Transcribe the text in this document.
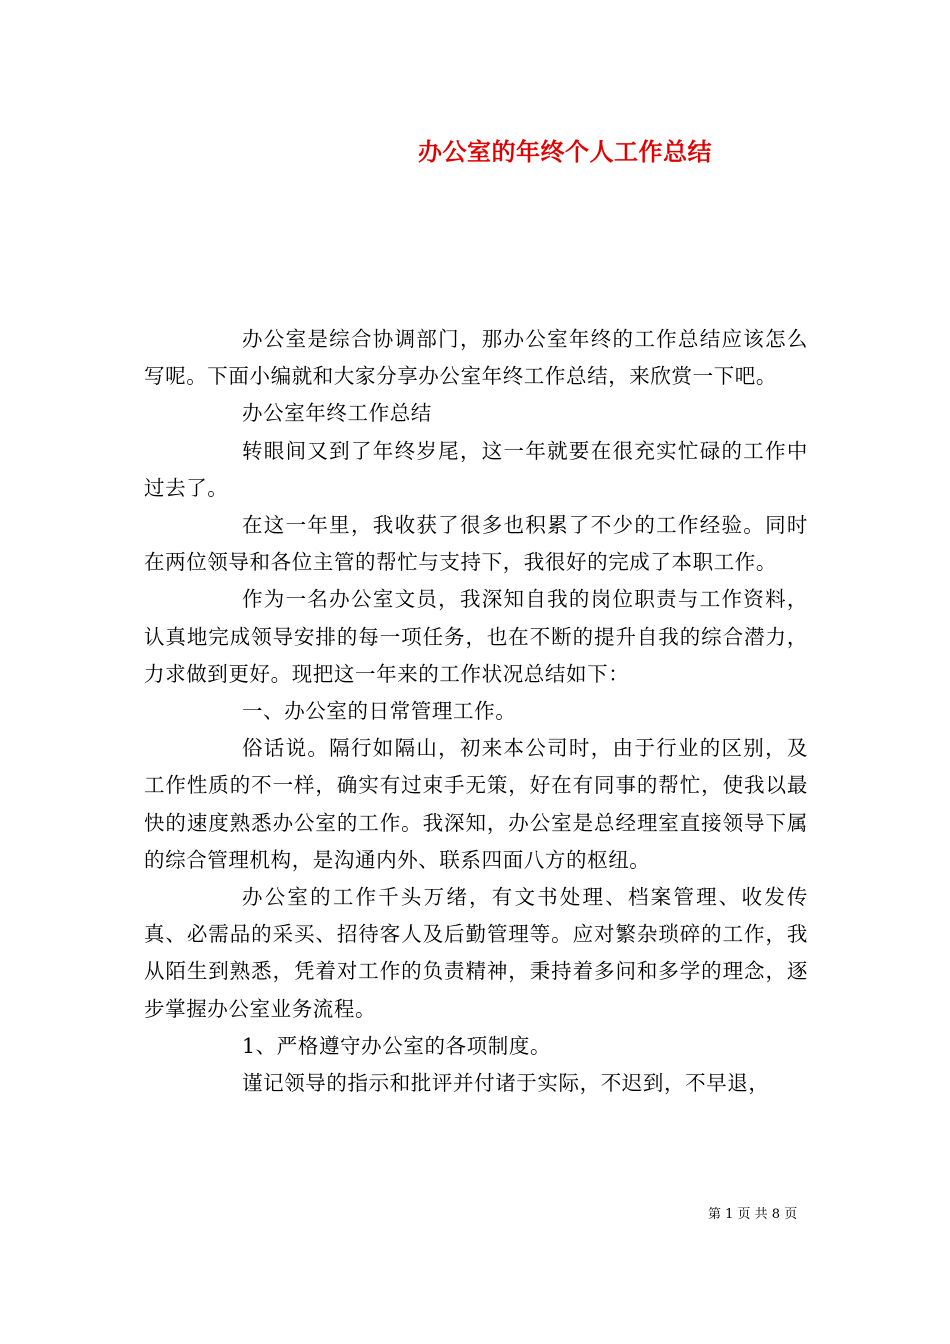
办公室的年终个人工作总结

办公室是综合协调部门，那办公室年终的工作总结应该怎么写呢。下面小编就和大家分享办公室年终工作总结，来欣赏一下吧。

办公室年终工作总结

转眼间又到了年终岁尾，这一年就要在很充实忙碌的工作中过去了。

在这一年里，我收获了很多也积累了不少的工作经验。同时在两位领导和各位主管的帮忙与支持下，我很好的完成了本职工作。

作为一名办公室文员，我深知自我的岗位职责与工作资料，认真地完成领导安排的每一项任务，也在不断的提升自我的综合潜力，力求做到更好。现把这一年来的工作状况总结如下：

一、办公室的日常管理工作。

俗话说。隔行如隔山，初来本公司时，由于行业的区别，及工作性质的不一样，确实有过束手无策，好在有同事的帮忙，使我以最快的速度熟悉办公室的工作。我深知，办公室是总经理室直接领导下属的综合管理机构，是沟通内外、联系四面八方的枢纽。

办公室的工作千头万绪，有文书处理、档案管理、收发传真、必需品的采买、招待客人及后勤管理等。应对繁杂琐碎的工作，我从陌生到熟悉，凭着对工作的负责精神，秉持着多问和多学的理念，逐步掌握办公室业务流程。

1、严格遵守办公室的各项制度。

谨记领导的指示和批评并付诸于实际，不迟到，不早退，

第 1 页 共 8 页
